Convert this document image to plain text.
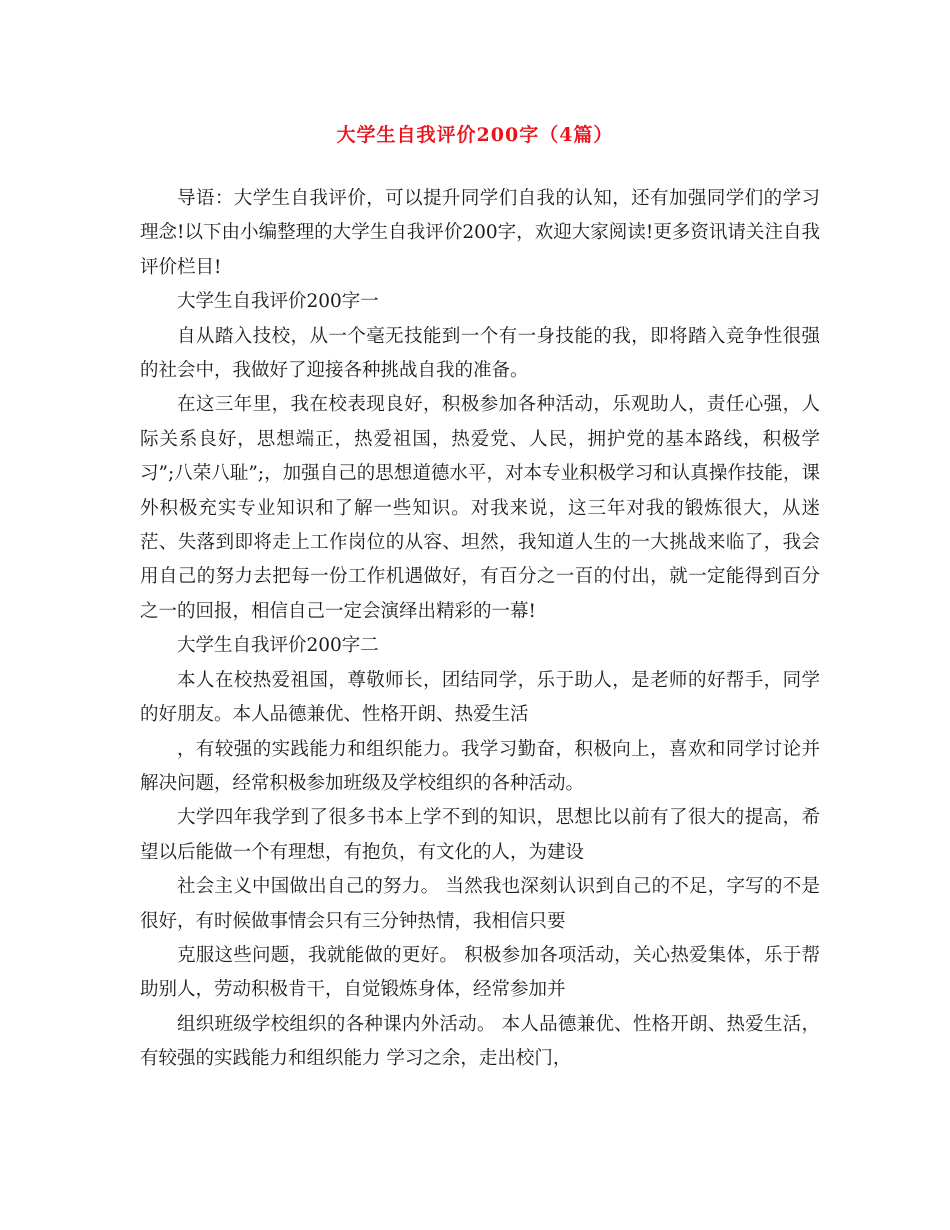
大学生自我评价200字（4篇）

导语：大学生自我评价，可以提升同学们自我的认知，还有加强同学们的学习理念!以下由小编整理的大学生自我评价200字，欢迎大家阅读!更多资讯请关注自我评价栏目!

大学生自我评价200字一

自从踏入技校，从一个毫无技能到一个有一身技能的我，即将踏入竞争性很强的社会中，我做好了迎接各种挑战自我的准备。

在这三年里，我在校表现良好，积极参加各种活动，乐观助人，责任心强，人际关系良好，思想端正，热爱祖国，热爱党、人民，拥护党的基本路线，积极学习”;八荣八耻”;，加强自己的思想道德水平，对本专业积极学习和认真操作技能，课外积极充实专业知识和了解一些知识。对我来说，这三年对我的锻炼很大，从迷茫、失落到即将走上工作岗位的从容、坦然，我知道人生的一大挑战来临了，我会用自己的努力去把每一份工作机遇做好，有百分之一百的付出，就一定能得到百分之一的回报，相信自己一定会演绎出精彩的一幕!

大学生自我评价200字二

本人在校热爱祖国，尊敬师长，团结同学，乐于助人，是老师的好帮手，同学的好朋友。本人品德兼优、性格开朗、热爱生活

，有较强的实践能力和组织能力。我学习勤奋，积极向上，喜欢和同学讨论并解决问题，经常积极参加班级及学校组织的各种活动。

大学四年我学到了很多书本上学不到的知识，思想比以前有了很大的提高，希望以后能做一个有理想，有抱负，有文化的人，为建设

社会主义中国做出自己的努力。 当然我也深刻认识到自己的不足，字写的不是很好，有时候做事情会只有三分钟热情，我相信只要

克服这些问题，我就能做的更好。 积极参加各项活动，关心热爱集体，乐于帮助别人，劳动积极肯干，自觉锻炼身体，经常参加并

组织班级学校组织的各种课内外活动。 本人品德兼优、性格开朗、热爱生活，有较强的实践能力和组织能力 学习之余，走出校门，
